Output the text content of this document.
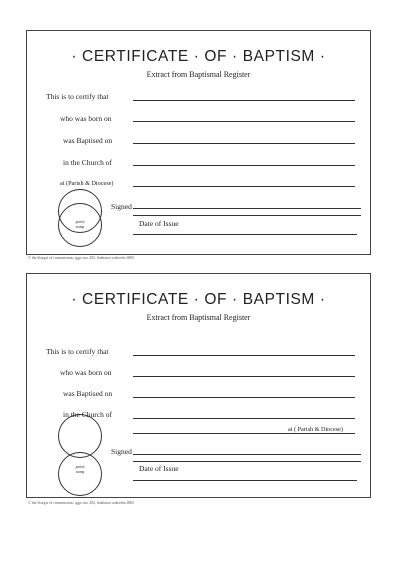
· CERTIFICATE · OF · BAPTISM ·
Extract from Baptismal Register
This is to certify that
who was born on
was Baptised on
in the Church of
at (Parish & Diocese)
parish
stamp
Signed
Date of Issue
© the Sturgis of commissions, iggo two 282, letahasse soahveba 4865
· CERTIFICATE · OF · BAPTISM ·
Extract from Baptismal Register
This is to certify that
who was born on
was Baptised on
in the Church of
at ( Parish & Diocese)
parish
stamp
Signed
Date of Issue
© the Sturgis of commissions, iggo two 282, letahasse soahveba 4865
